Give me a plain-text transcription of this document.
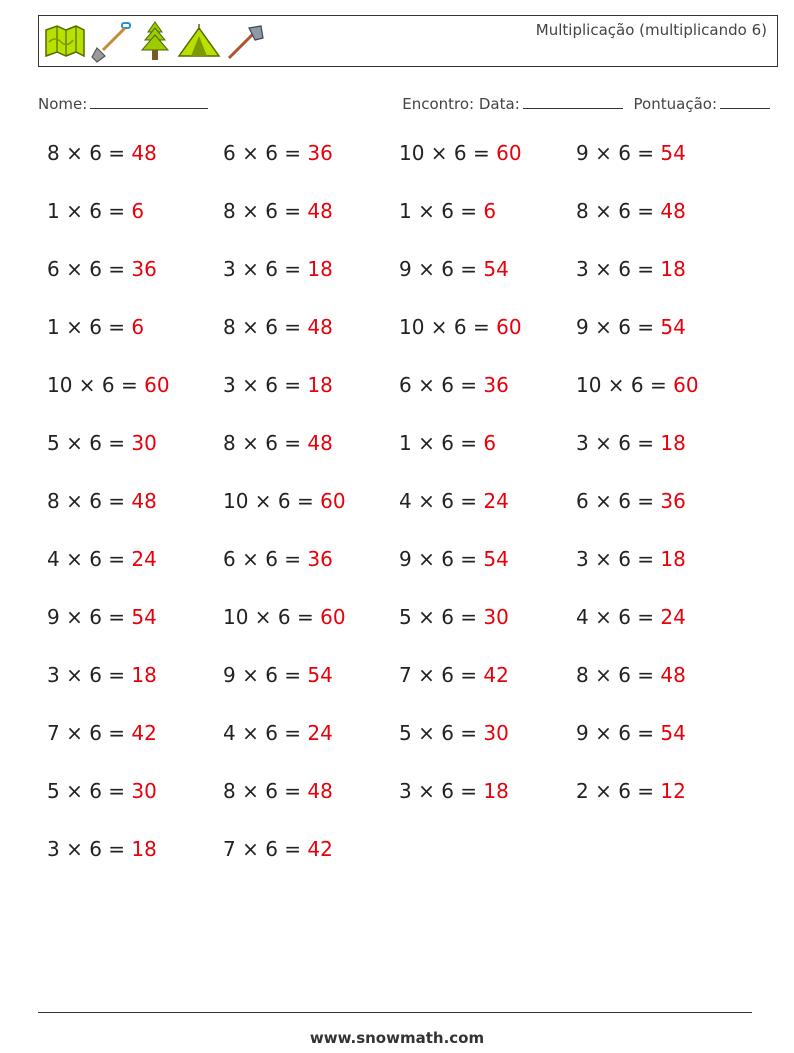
Multiplicação (multiplicando 6)
Nome:	Encontro: Data:	Pontuação:
8 × 6 = 48	6 × 6 = 36	10 × 6 = 60	9 × 6 = 54
1 × 6 = 6	8 × 6 = 48	1 × 6 = 6	8 × 6 = 48
6 × 6 = 36	3 × 6 = 18	9 × 6 = 54	3 × 6 = 18
1 × 6 = 6	8 × 6 = 48	10 × 6 = 60	9 × 6 = 54
10 × 6 = 60	3 × 6 = 18	6 × 6 = 36	10 × 6 = 60
5 × 6 = 30	8 × 6 = 48	1 × 6 = 6	3 × 6 = 18
8 × 6 = 48	10 × 6 = 60	4 × 6 = 24	6 × 6 = 36
4 × 6 = 24	6 × 6 = 36	9 × 6 = 54	3 × 6 = 18
9 × 6 = 54	10 × 6 = 60	5 × 6 = 30	4 × 6 = 24
3 × 6 = 18	9 × 6 = 54	7 × 6 = 42	8 × 6 = 48
7 × 6 = 42	4 × 6 = 24	5 × 6 = 30	9 × 6 = 54
5 × 6 = 30	8 × 6 = 48	3 × 6 = 18	2 × 6 = 12
3 × 6 = 18	7 × 6 = 42
www.snowmath.com
